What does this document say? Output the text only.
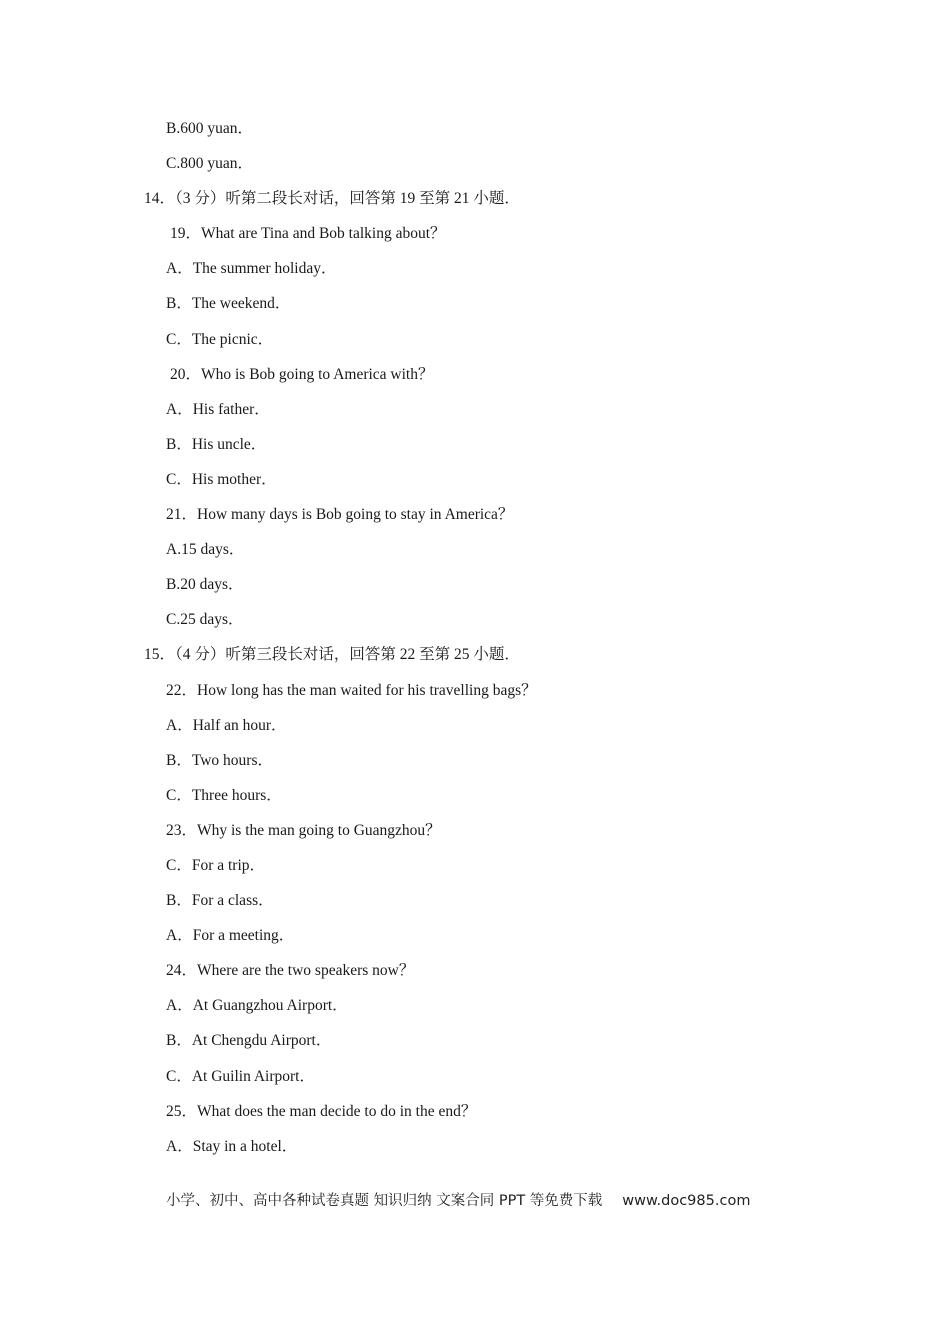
B.600 yuan．
C.800 yuan．
14．（3 分）听第二段长对话，回答第 19 至第 21 小题．
19．What are Tina and Bob talking about？
A．The summer holiday．
B．The weekend．
C．The picnic．
20．Who is Bob going to America with？
A．His father．
B．His uncle．
C．His mother．
21．How many days is Bob going to stay in America？
A.15 days．
B.20 days．
C.25 days．
15．（4 分）听第三段长对话，回答第 22 至第 25 小题．
22．How long has the man waited for his travelling bags？
A．Half an hour．
B．Two hours．
C．Three hours．
23．Why is the man going to Guangzhou？
C．For a trip．
B．For a class．
A．For a meeting．
24．Where are the two speakers now？
A．At Guangzhou Airport．
B．At Chengdu Airport．
C．At Guilin Airport．
25．What does the man decide to do in the end？
A．Stay in a hotel．
小学、初中、高中各种试卷真题 知识归纳 文案合同 PPT 等免费下载 www.doc985.com
